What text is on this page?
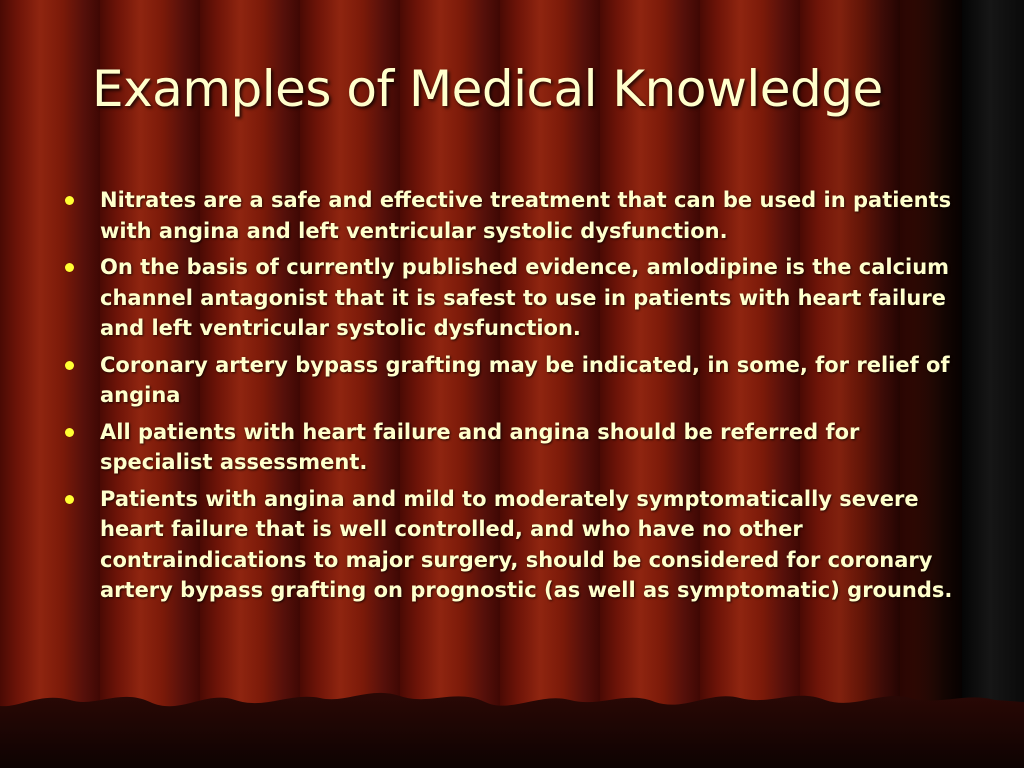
Examples of Medical Knowledge
Nitrates are a safe and effective treatment that can be used in patients with angina and left ventricular systolic dysfunction.
On the basis of currently published evidence, amlodipine is the calcium channel antagonist that it is safest to use in patients with heart failure and left ventricular systolic dysfunction.
Coronary artery bypass grafting may be indicated, in some, for relief of angina
All patients with heart failure and angina should be referred for specialist assessment.
Patients with angina and mild to moderately symptomatically severe heart failure that is well controlled, and who have no other contraindications to major surgery, should be considered for coronary artery bypass grafting on prognostic (as well as symptomatic) grounds.
